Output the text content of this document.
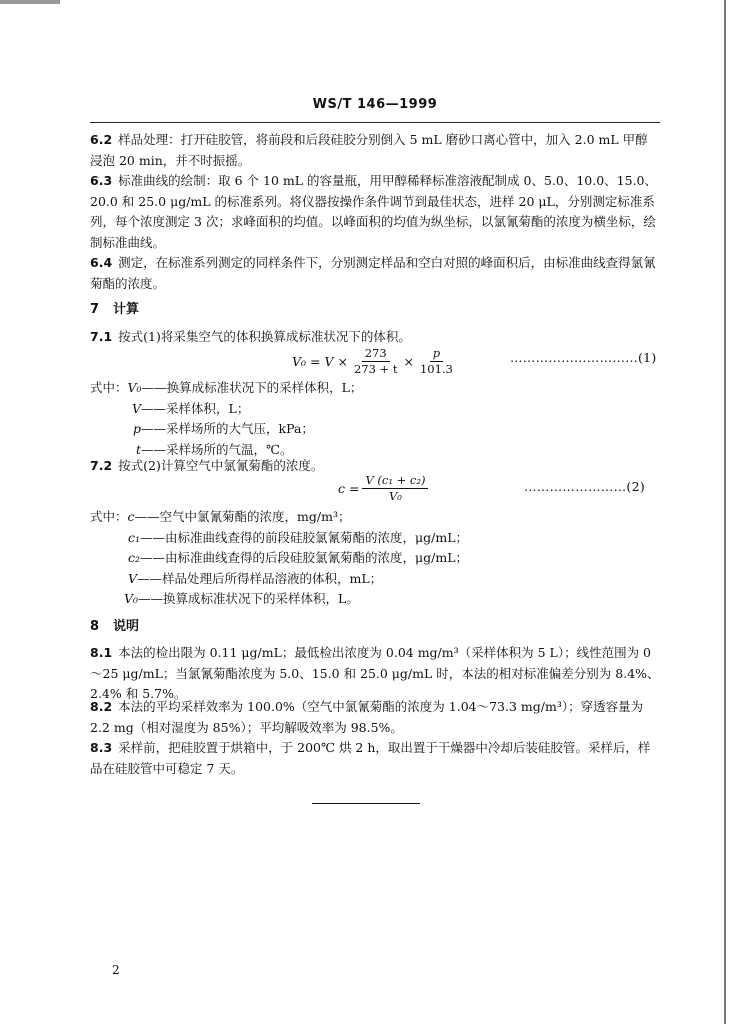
WS/T 146—1999
6.2 样品处理：打开硅胶管，将前段和后段硅胶分别倒入 5 mL 磨砂口离心管中，加入 2.0 mL 甲醇浸泡 20 min，并不时振摇。
6.3 标准曲线的绘制：取 6 个 10 mL 的容量瓶，用甲醇稀释标准溶液配制成 0、5.0、10.0、15.0、20.0 和 25.0 μg/mL 的标准系列。将仪器按操作条件调节到最佳状态，进样 20 μL，分别测定标准系列，每个浓度测定 3 次；求峰面积的均值。以峰面积的均值为纵坐标，以氯氰菊酯的浓度为横坐标，绘制标准曲线。
6.4 测定，在标准系列测定的同样条件下，分别测定样品和空白对照的峰面积后，由标准曲线查得氯氰菊酯的浓度。
7 计算
7.1 按式(1)将采集空气的体积换算成标准状况下的体积。
$V_0 = V \times \frac{273}{273 + t} \times \frac{p}{101.3}$	…………………………(1)
式中：V₀——换算成标准状况下的采样体积，L；
V——采样体积，L；
p——采样场所的大气压，kPa；
t——采样场所的气温，℃。
7.2 按式(2)计算空气中氯氰菊酯的浓度。
$c = \frac{\text{V (c₁ + c₂)}}{\text{V₀}}$	……………………(2)
式中：c——空气中氯氰菊酯的浓度，mg/m³；
c₁——由标准曲线查得的前段硅胶氯氰菊酯的浓度，μg/mL；
c₂——由标准曲线查得的后段硅胶氯氰菊酯的浓度，μg/mL；
V——样品处理后所得样品溶液的体积，mL；
V₀——换算成标准状况下的采样体积，L。
8 说明
8.1 本法的检出限为 0.11 μg/mL；最低检出浓度为 0.04 mg/m³（采样体积为 5 L）；线性范围为 0～25 μg/mL；当氯氰菊酯浓度为 5.0、15.0 和 25.0 μg/mL 时，本法的相对标准偏差分别为 8.4%、2.4% 和 5.7%。
8.2 本法的平均采样效率为 100.0%（空气中氯氰菊酯的浓度为 1.04～73.3 mg/m³）；穿透容量为 2.2 mg（相对湿度为 85%）；平均解吸效率为 98.5%。
8.3 采样前，把硅胶置于烘箱中，于 200℃ 烘 2 h，取出置于干燥器中冷却后装硅胶管。采样后，样品在硅胶管中可稳定 7 天。
2
